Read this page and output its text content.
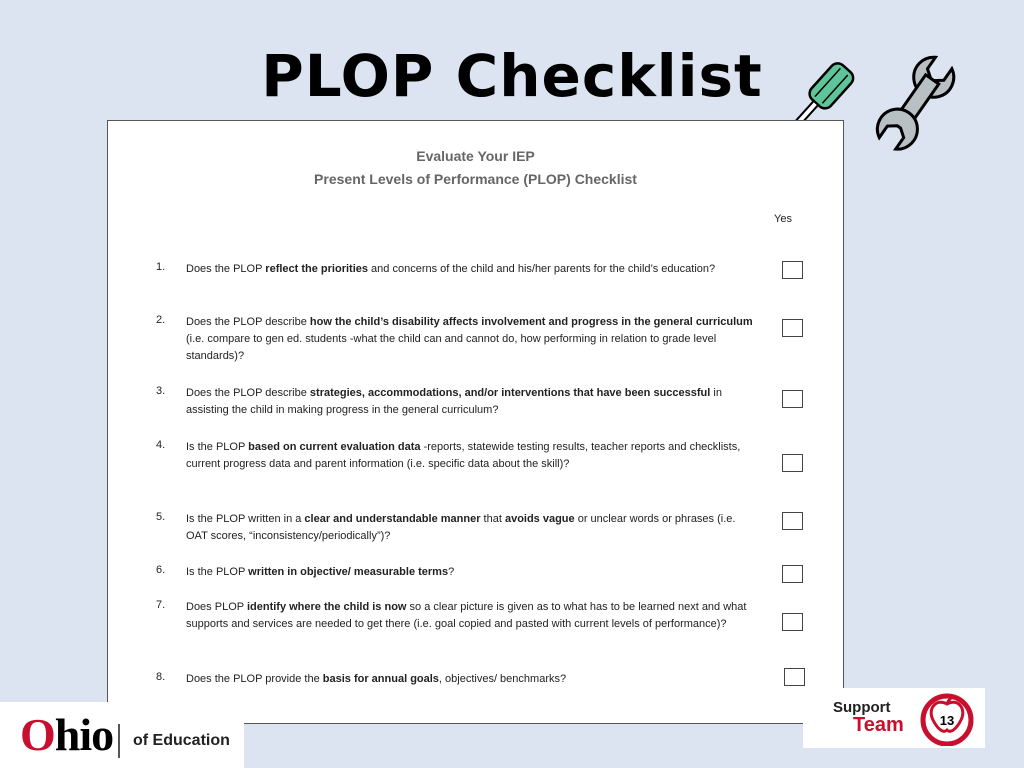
PLOP Checklist
Evaluate Your IEP
Present Levels of Performance (PLOP) Checklist
Yes
1. Does the PLOP reflect the priorities and concerns of the child and his/her parents for the child’s education?
2. Does the PLOP describe how the child’s disability affects involvement and progress in the general curriculum (i.e. compare to gen ed. students -what the child can and cannot do, how performing in relation to grade level standards)?
3. Does the PLOP describe strategies, accommodations, and/or interventions that have been successful in assisting the child in making progress in the general curriculum?
4. Is the PLOP based on current evaluation data -reports, statewide testing results, teacher reports and checklists, current progress data and parent information (i.e. specific data about the skill)?
5. Is the PLOP written in a clear and understandable manner that avoids vague or unclear words or phrases (i.e. OAT scores, “inconsistency/periodically”)?
6. Is the PLOP written in objective/ measurable terms?
7. Does PLOP identify where the child is now so a clear picture is given as to what has to be learned next and what supports and services are needed to get there (i.e. goal copied and pasted with current levels of performance)?
8. Does the PLOP provide the basis for annual goals, objectives/ benchmarks?
Ohio of Education
Support
Team	13
